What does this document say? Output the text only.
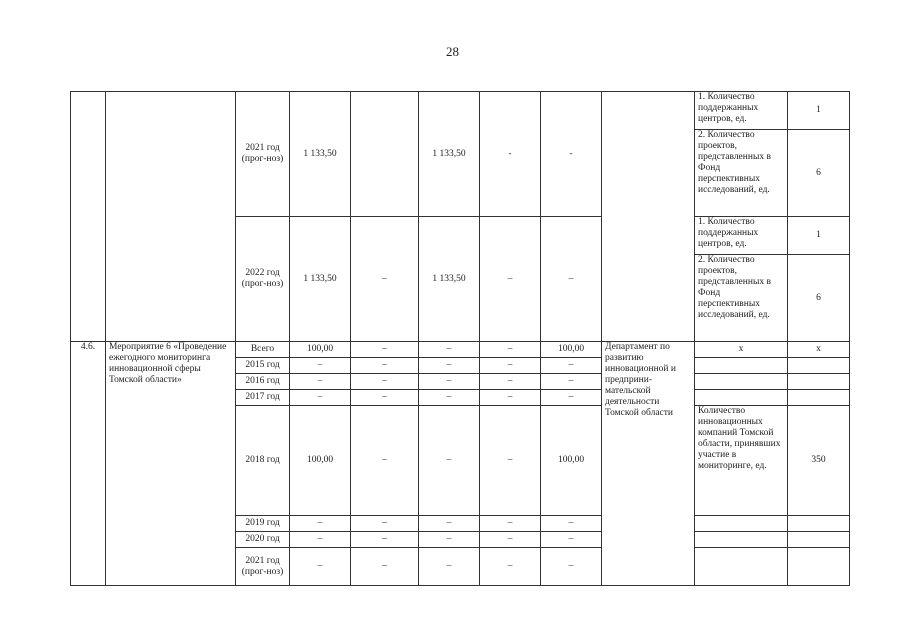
28
		2021 год (прог-ноз)	1 133,50		1 133,50	-	-		1. Количество поддержанных центров, ед.	1
									2. Количество проектов, представленных в Фонд перспективных исследований, ед.	6
		2022 год (прог-ноз)	1 133,50	–	1 133,50	–	–		1. Количество поддержанных центров, ед.	1
									2. Количество проектов, представленных в Фонд перспективных исследований, ед.	6
4.6.	Мероприятие 6 «Проведение ежегодного мониторинга инновационной сферы Томской области»	Всего	100,00	–	–	–	100,00	Департамент по развитию инновационной и предприни-мательской деятельности Томской области	x	x
		2015 год	–	–	–	–	–			
		2016 год	–	–	–	–	–			
		2017 год	–	–	–	–	–			
		2018 год	100,00	–	–	–	100,00		Количество инновационных компаний Томской области, принявших участие в мониторинге, ед.	350
		2019 год	–	–	–	–	–			
		2020 год	–	–	–	–	–			
		2021 год (прог-ноз)	–	–	–	–	–			
